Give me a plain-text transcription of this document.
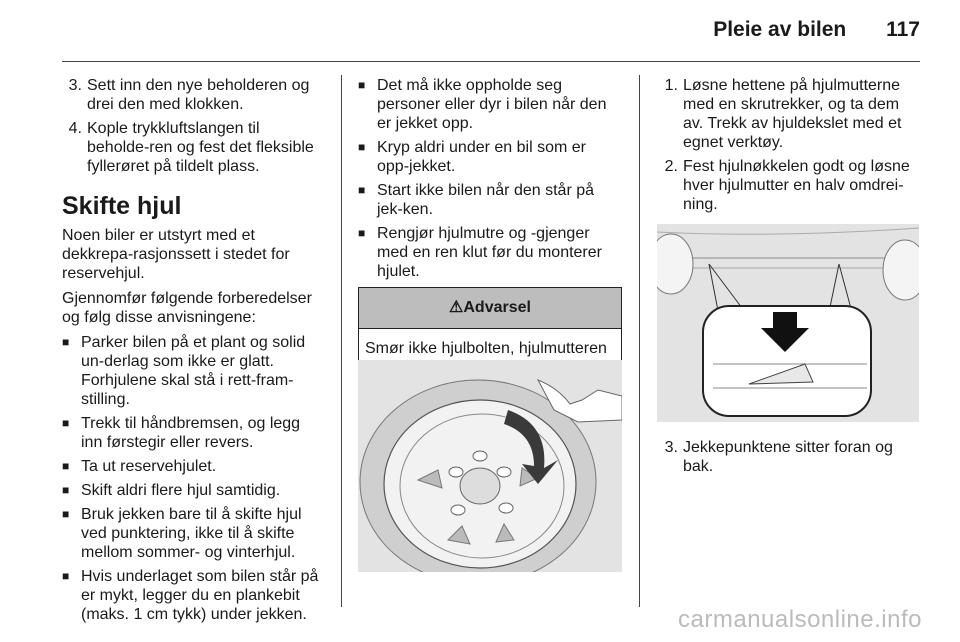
Pleie av bilen 117
3. Sett inn den nye beholderen og drei den med klokken.
4. Kople trykkluftslangen til beholde-ren og fest det fleksible fyllerøret på tildelt plass.
Skifte hjul

Noen biler er utstyrt med et dekkrepa-rasjonssett i stedet for reservehjul.

Gjennomfør følgende forberedelser og følg disse anvisningene:

■ Parker bilen på et plant og solid un-derlag som ikke er glatt. Forhjulene skal stå i rett-fram-stilling.
■ Trekk til håndbremsen, og legg inn førstegir eller revers.
■ Ta ut reservehjulet.
■ Skift aldri flere hjul samtidig.
■ Bruk jekken bare til å skifte hjul ved punktering, ikke til å skifte mellom sommer- og vinterhjul.
■ Hvis underlaget som bilen står på er mykt, legger du en plankebit (maks. 1 cm tykk) under jekken.
■ Det må ikke oppholde seg personer eller dyr i bilen når den er jekket opp.
■ Kryp aldri under en bil som er opp-jekket.
■ Start ikke bilen når den står på jek-ken.
■ Rengjør hjulmutre og -gjenger med en ren klut før du monterer hjulet.
⚠Advarsel
Smør ikke hjulbolten, hjulmutteren
1. Løsne hettene på hjulmutterne med en skrutrekker, og ta dem av. Trekk av hjuldekslet med et egnet verktøy.
2. Fest hjulnøkkelen godt og løsne hver hjulmutter en halv omdrei-ning.
3. Jekkepunktene sitter foran og bak.
carmanualsonline.info
